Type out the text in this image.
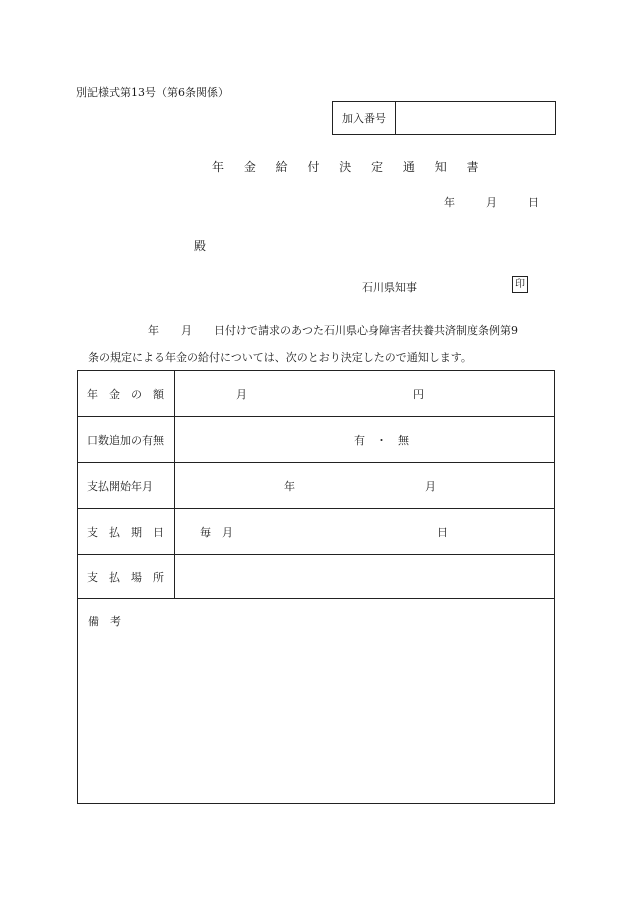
別記様式第13号（第6条関係）
加入番号
年 金 給 付 決 定 通 知 書
年	月	日
殿
石川県知事	印
年　　月　　日付けで請求のあつた石川県心身障害者扶養共済制度条例第9
条の規定による年金の給付については、次のとおり決定したので通知します。
年　金　の　額	月	円
口数追加の有無	有　・　無
支払開始年月	年	月
支　払　期　日	毎　月	日
支　払　場　所
備　考
